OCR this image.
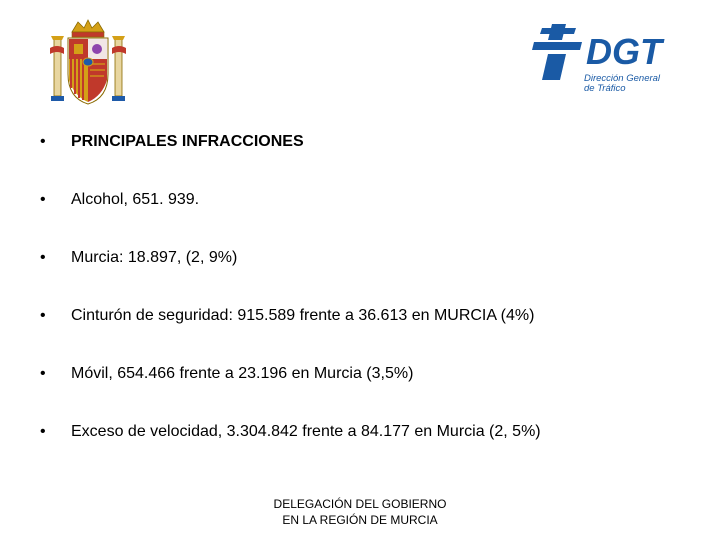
DGT
Dirección General
de Tráfico
• PRINCIPALES INFRACCIONES
• Alcohol, 651. 939.
• Murcia: 18.897, (2, 9%)
• Cinturón de seguridad: 915.589 frente a 36.613 en MURCIA (4%)
• Móvil, 654.466 frente a 23.196 en Murcia (3,5%)
• Exceso de velocidad, 3.304.842 frente a 84.177 en Murcia (2, 5%)
DELEGACIÓN DEL GOBIERNO
EN LA REGIÓN DE MURCIA
